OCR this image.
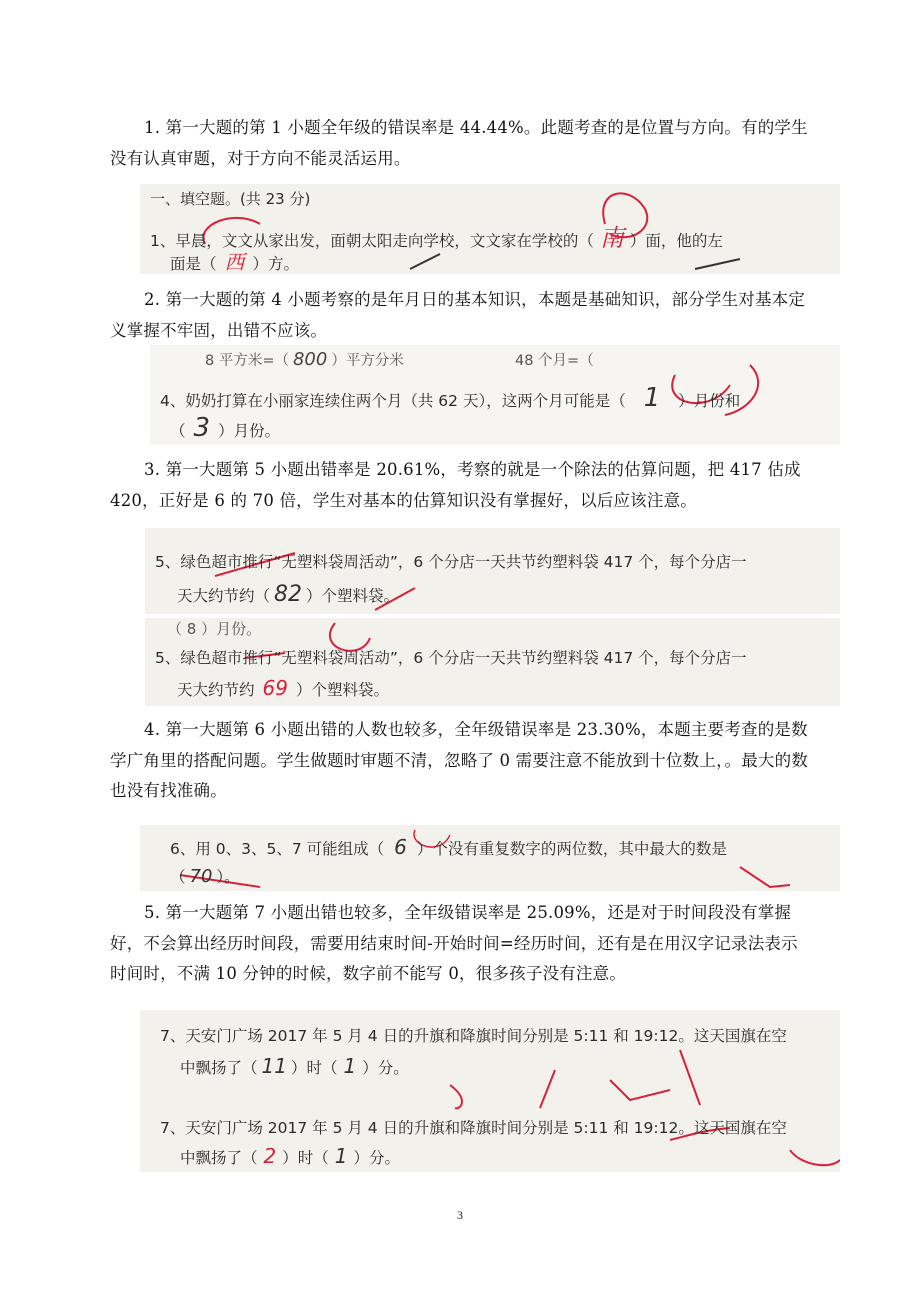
1. 第一大题的第 1 小题全年级的错误率是 44.44%。此题考查的是位置与方向。有的学生没有认真审题，对于方向不能灵活运用。

一、填空题。(共 23 分)
1、早晨，文文从家出发，面朝太阳走向学校，文文家在学校的（ 南 ）面，他的左
面是（ 西 ）方。

2. 第一大题的第 4 小题考察的是年月日的基本知识，本题是基础知识，部分学生对基本定义掌握不牢固，出错不应该。

8 平方米=（ 800 ）平方分米	48 个月=（
4、奶奶打算在小丽家连续住两个月（共 62 天），这两个月可能是（ 1 ）月份和
（ 3 ）月份。

3. 第一大题第 5 小题出错率是 20.61%，考察的就是一个除法的估算问题，把 417 估成 420，正好是 6 的 70 倍，学生对基本的估算知识没有掌握好，以后应该注意。

5、绿色超市推行“无塑料袋周活动”，6 个分店一天共节约塑料袋 417 个，每个分店一
天大约节约（ 82 ）个塑料袋。
（ 8 ）月份。
5、绿色超市推行“无塑料袋周活动”，6 个分店一天共节约塑料袋 417 个，每个分店一
天大约节约 69 ）个塑料袋。

4. 第一大题第 6 小题出错的人数也较多，全年级错误率是 23.30%，本题主要考查的是数学广角里的搭配问题。学生做题时审题不清，忽略了 0 需要注意不能放到十位数上，。最大的数也没有找准确。

6、用 0、3、5、7 可能组成（ 6 ）个没有重复数字的两位数，其中最大的数是
（ 70 ）。

5. 第一大题第 7 小题出错也较多，全年级错误率是 25.09%，还是对于时间段没有掌握好，不会算出经历时间段，需要用结束时间-开始时间=经历时间，还有是在用汉字记录法表示时间时，不满 10 分钟的时候，数字前不能写 0，很多孩子没有注意。

7、天安门广场 2017 年 5 月 4 日的升旗和降旗时间分别是 5:11 和 19:12。这天国旗在空
中飘扬了（ 11 ）时（ 1 ）分。
7、天安门广场 2017 年 5 月 4 日的升旗和降旗时间分别是 5:11 和 19:12。这天国旗在空
中飘扬了（ 2 ）时（ 1 ）分。
3
